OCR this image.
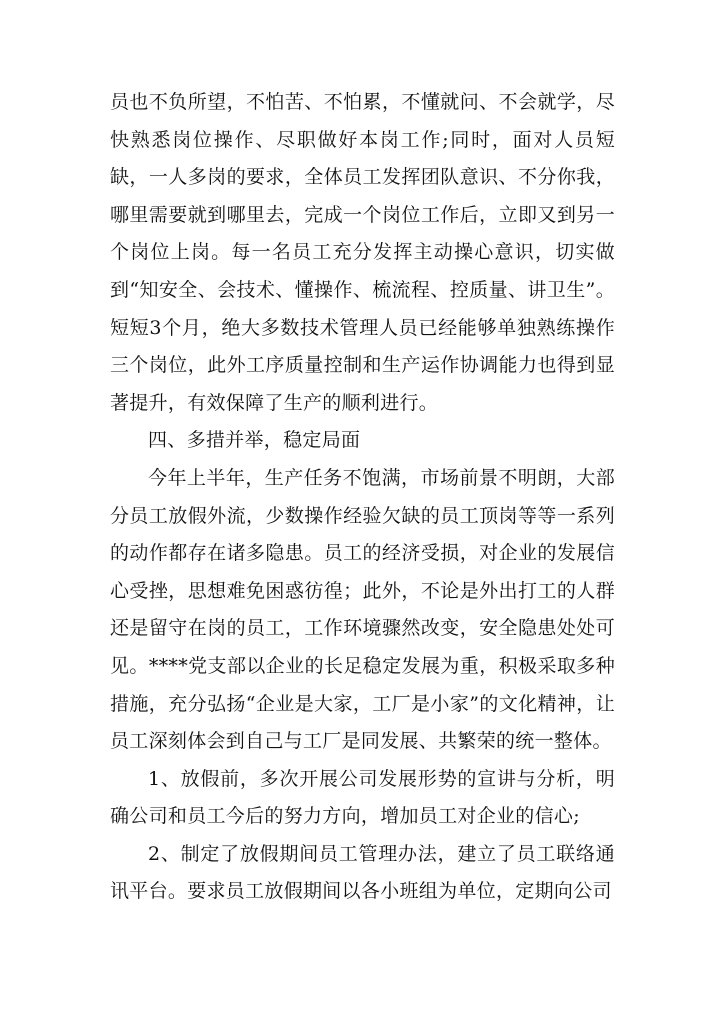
员也不负所望，不怕苦、不怕累，不懂就问、不会就学，尽快熟悉岗位操作、尽职做好本岗工作;同时，面对人员短缺，一人多岗的要求，全体员工发挥团队意识、不分你我，哪里需要就到哪里去，完成一个岗位工作后，立即又到另一个岗位上岗。每一名员工充分发挥主动操心意识，切实做到“知安全、会技术、懂操作、梳流程、控质量、讲卫生”。短短3个月，绝大多数技术管理人员已经能够单独熟练操作三个岗位，此外工序质量控制和生产运作协调能力也得到显著提升，有效保障了生产的顺利进行。

四、多措并举，稳定局面

今年上半年，生产任务不饱满，市场前景不明朗，大部分员工放假外流，少数操作经验欠缺的员工顶岗等等一系列的动作都存在诸多隐患。员工的经济受损，对企业的发展信心受挫，思想难免困惑彷徨；此外，不论是外出打工的人群还是留守在岗的员工，工作环境骤然改变，安全隐患处处可见。****党支部以企业的长足稳定发展为重，积极采取多种措施，充分弘扬“企业是大家，工厂是小家”的文化精神，让员工深刻体会到自己与工厂是同发展、共繁荣的统一整体。

1、放假前，多次开展公司发展形势的宣讲与分析，明确公司和员工今后的努力方向，增加员工对企业的信心;

2、制定了放假期间员工管理办法，建立了员工联络通讯平台。要求员工放假期间以各小班组为单位，定期向公司
